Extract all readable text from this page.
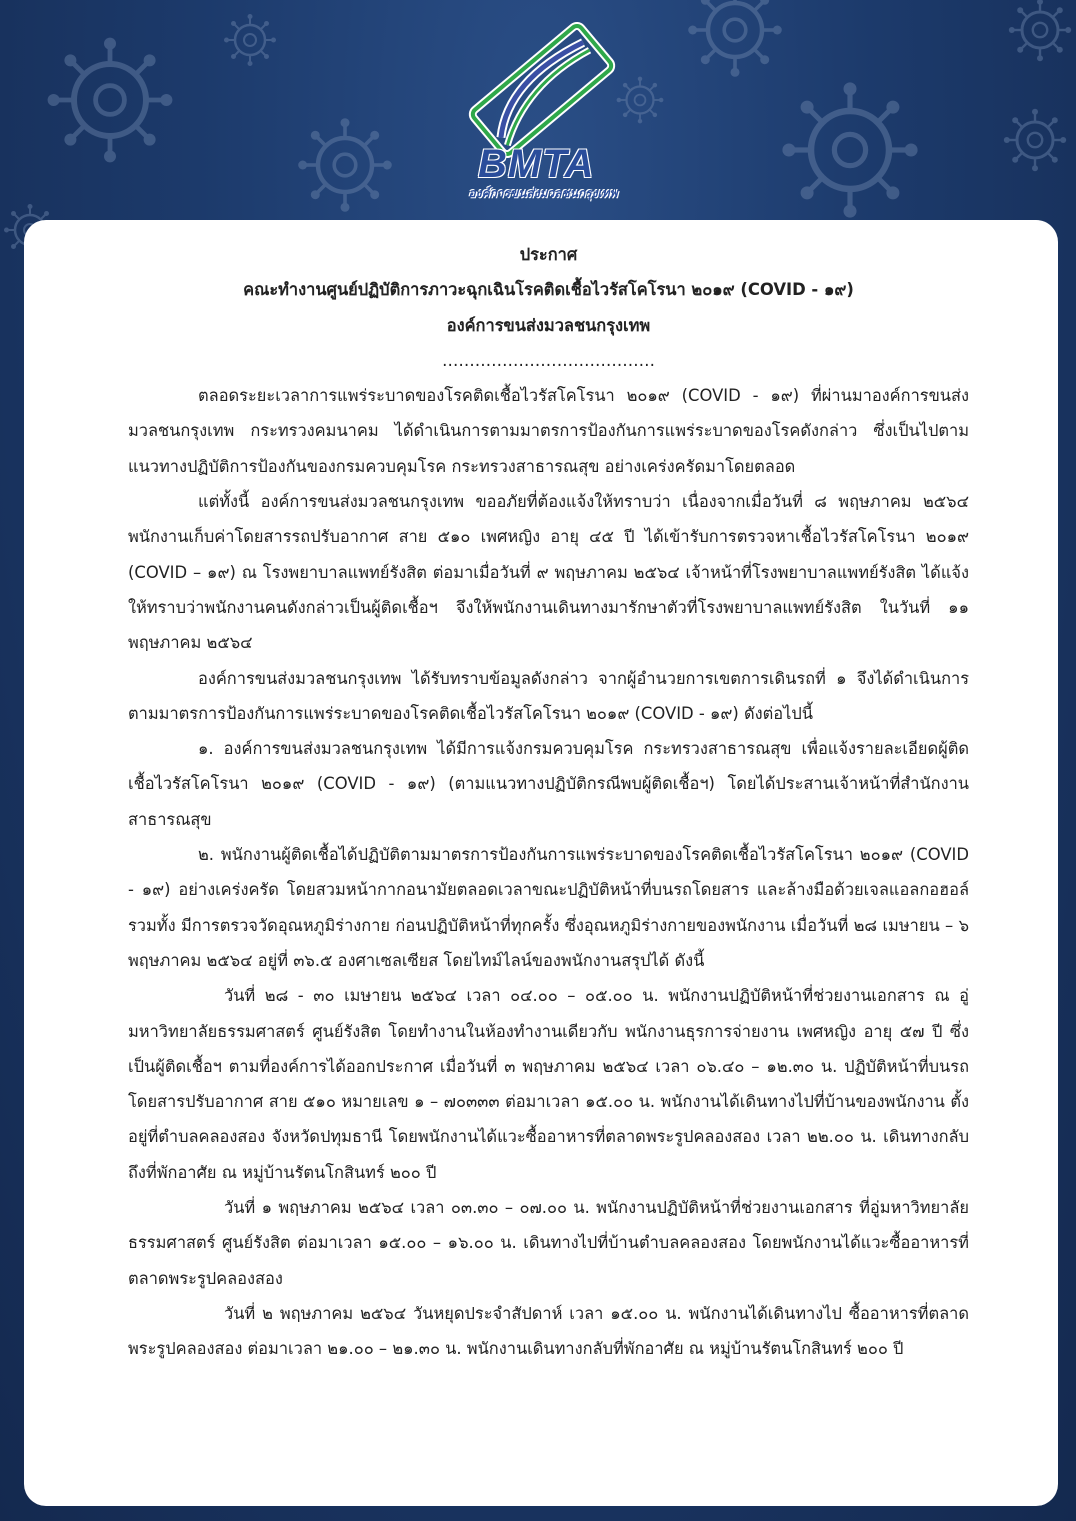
BMTA
องค์การขนส่งมวลชนกรุงเทพ

ประกาศ

คณะทำงานศูนย์ปฏิบัติการภาวะฉุกเฉินโรคติดเชื้อไวรัสโคโรนา ๒๐๑๙ (COVID - ๑๙)

องค์การขนส่งมวลชนกรุงเทพ

…………………………………

ตลอดระยะเวลาการแพร่ระบาดของโรคติดเชื้อไวรัสโคโรนา ๒๐๑๙ (COVID - ๑๙) ที่ผ่านมาองค์การขนส่งมวลชนกรุงเทพ กระทรวงคมนาคม ได้ดำเนินการตามมาตรการป้องกันการแพร่ระบาดของโรคดังกล่าว ซึ่งเป็นไปตามแนวทางปฏิบัติการป้องกันของกรมควบคุมโรค กระทรวงสาธารณสุข อย่างเคร่งครัดมาโดยตลอด

แต่ทั้งนี้ องค์การขนส่งมวลชนกรุงเทพ ขออภัยที่ต้องแจ้งให้ทราบว่า เนื่องจากเมื่อวันที่ ๘ พฤษภาคม ๒๕๖๔ พนักงานเก็บค่าโดยสารรถปรับอากาศ สาย ๕๑๐ เพศหญิง อายุ ๔๕ ปี ได้เข้ารับการตรวจหาเชื้อไวรัสโคโรนา ๒๐๑๙ (COVID – ๑๙) ณ โรงพยาบาลแพทย์รังสิต ต่อมาเมื่อวันที่ ๙ พฤษภาคม ๒๕๖๔ เจ้าหน้าที่โรงพยาบาลแพทย์รังสิต ได้แจ้งให้ทราบว่าพนักงานคนดังกล่าวเป็นผู้ติดเชื้อฯ จึงให้พนักงานเดินทางมารักษาตัวที่โรงพยาบาลแพทย์รังสิต ในวันที่ ๑๑ พฤษภาคม ๒๕๖๔

องค์การขนส่งมวลชนกรุงเทพ ได้รับทราบข้อมูลดังกล่าว จากผู้อำนวยการเขตการเดินรถที่ ๑ จึงได้ดำเนินการตามมาตรการป้องกันการแพร่ระบาดของโรคติดเชื้อไวรัสโคโรนา ๒๐๑๙ (COVID - ๑๙) ดังต่อไปนี้

๑. องค์การขนส่งมวลชนกรุงเทพ ได้มีการแจ้งกรมควบคุมโรค กระทรวงสาธารณสุข เพื่อแจ้งรายละเอียดผู้ติดเชื้อไวรัสโคโรนา ๒๐๑๙ (COVID - ๑๙) (ตามแนวทางปฏิบัติกรณีพบผู้ติดเชื้อฯ) โดยได้ประสานเจ้าหน้าที่สำนักงานสาธารณสุข

๒. พนักงานผู้ติดเชื้อได้ปฏิบัติตามมาตรการป้องกันการแพร่ระบาดของโรคติดเชื้อไวรัสโคโรนา ๒๐๑๙ (COVID - ๑๙) อย่างเคร่งครัด โดยสวมหน้ากากอนามัยตลอดเวลาขณะปฏิบัติหน้าที่บนรถโดยสาร และล้างมือด้วยเจลแอลกอฮอล์ รวมทั้ง มีการตรวจวัดอุณหภูมิร่างกาย ก่อนปฏิบัติหน้าที่ทุกครั้ง ซึ่งอุณหภูมิร่างกายของพนักงาน เมื่อวันที่ ๒๘ เมษายน – ๖ พฤษภาคม ๒๕๖๔ อยู่ที่ ๓๖.๕ องศาเซลเซียส โดยไทม์ไลน์ของพนักงานสรุปได้ ดังนี้

วันที่ ๒๘ - ๓๐ เมษายน ๒๕๖๔ เวลา ๐๔.๐๐ – ๐๕.๐๐ น. พนักงานปฏิบัติหน้าที่ช่วยงานเอกสาร ณ อู่มหาวิทยาลัยธรรมศาสตร์ ศูนย์รังสิต โดยทำงานในห้องทำงานเดียวกับ พนักงานธุรการจ่ายงาน เพศหญิง อายุ ๕๗ ปี ซึ่งเป็นผู้ติดเชื้อฯ ตามที่องค์การได้ออกประกาศ เมื่อวันที่ ๓ พฤษภาคม ๒๕๖๔ เวลา ๐๖.๔๐ – ๑๒.๓๐ น. ปฏิบัติหน้าที่บนรถโดยสารปรับอากาศ สาย ๕๑๐ หมายเลข ๑ – ๗๐๓๓๓ ต่อมาเวลา ๑๕.๐๐ น. พนักงานได้เดินทางไปที่บ้านของพนักงาน ตั้งอยู่ที่ตำบลคลองสอง จังหวัดปทุมธานี โดยพนักงานได้แวะซื้ออาหารที่ตลาดพระรูปคลองสอง เวลา ๒๒.๐๐ น. เดินทางกลับถึงที่พักอาศัย ณ หมู่บ้านรัตนโกสินทร์ ๒๐๐ ปี

วันที่ ๑ พฤษภาคม ๒๕๖๔ เวลา ๐๓.๓๐ – ๐๗.๐๐ น. พนักงานปฏิบัติหน้าที่ช่วยงานเอกสาร ที่อู่มหาวิทยาลัยธรรมศาสตร์ ศูนย์รังสิต ต่อมาเวลา ๑๕.๐๐ – ๑๖.๐๐ น. เดินทางไปที่บ้านตำบลคลองสอง โดยพนักงานได้แวะซื้ออาหารที่ตลาดพระรูปคลองสอง

วันที่ ๒ พฤษภาคม ๒๕๖๔ วันหยุดประจำสัปดาห์ เวลา ๑๕.๐๐ น. พนักงานได้เดินทางไป ซื้ออาหารที่ตลาดพระรูปคลองสอง ต่อมาเวลา ๒๑.๐๐ – ๒๑.๓๐ น. พนักงานเดินทางกลับที่พักอาศัย ณ หมู่บ้านรัตนโกสินทร์ ๒๐๐ ปี
